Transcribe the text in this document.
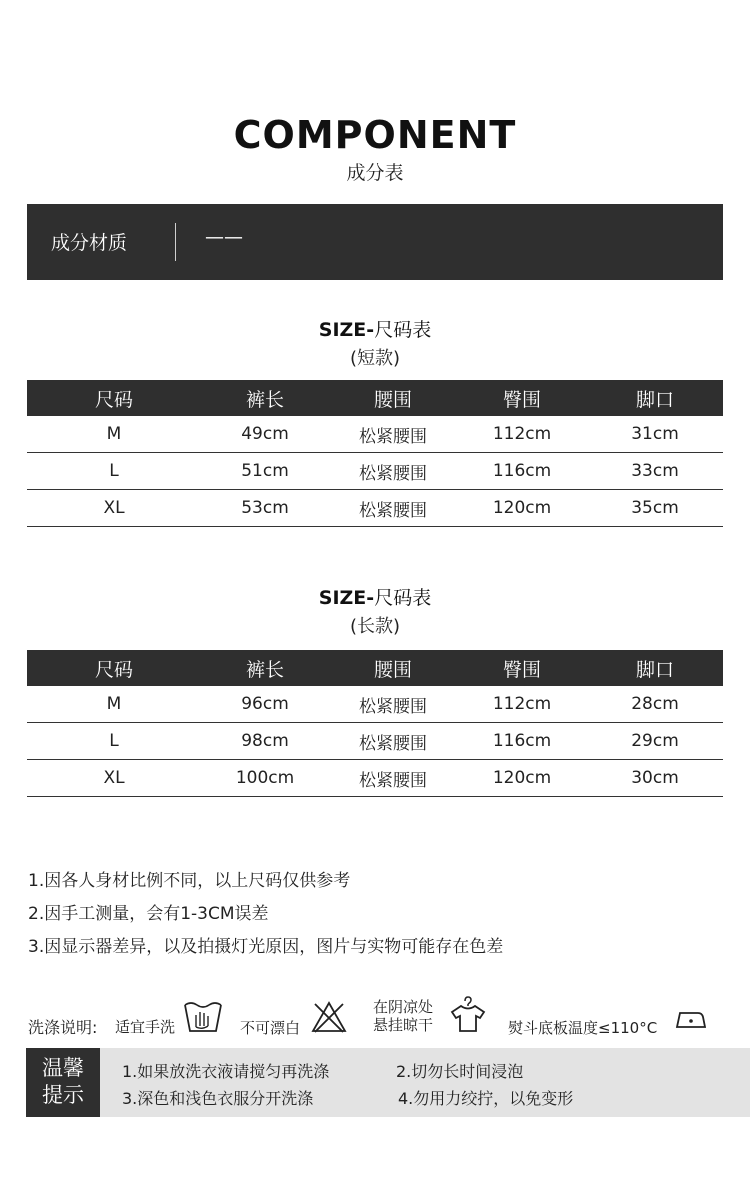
COMPONENT
成分表
成分材质	——
SIZE-尺码表
(短款)
尺码	裤长	腰围	臀围	脚口
M	49cm	松紧腰围	112cm	31cm
L	51cm	松紧腰围	116cm	33cm
XL	53cm	松紧腰围	120cm	35cm
SIZE-尺码表
(长款)
尺码	裤长	腰围	臀围	脚口
M	96cm	松紧腰围	112cm	28cm
L	98cm	松紧腰围	116cm	29cm
XL	100cm	松紧腰围	120cm	30cm
1.因各人身材比例不同，以上尺码仅供参考
2.因手工测量，会有1-3CM误差
3.因显示器差异，以及拍摄灯光原因，图片与实物可能存在色差
洗涤说明: 适宜手洗	不可漂白
在阴凉处
悬挂晾干	熨斗底板温度≤110°C
温馨
提示
1.如果放洗衣液请搅匀再洗涤	2.切勿长时间浸泡
3.深色和浅色衣服分开洗涤	4.勿用力绞拧，以免变形
